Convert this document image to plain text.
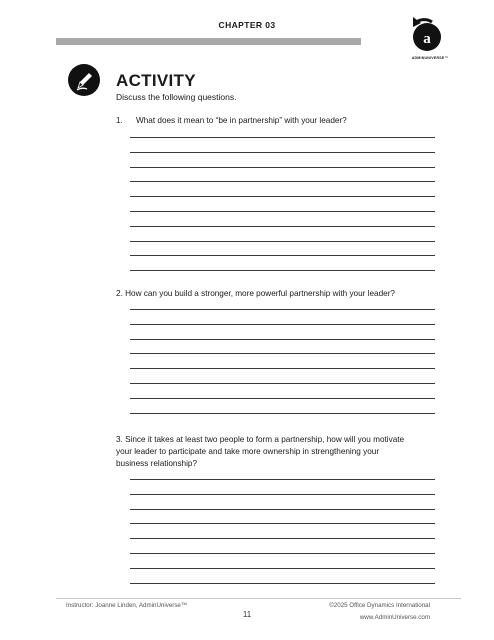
CHAPTER 03
a
ADMINUNIVERSE™
ACTIVITY
Discuss the following questions.
1. What does it mean to “be in partnership” with your leader?
2. How can you build a stronger, more powerful partnership with your leader?
3. Since it takes at least two people to form a partnership, how will you motivate
your leader to participate and take more ownership in strengthening your
business relationship?
Instructor: Joanne Linden, AdminUniverse™
11
©2025 Office Dynamics International
www.AdminUniverse.com
